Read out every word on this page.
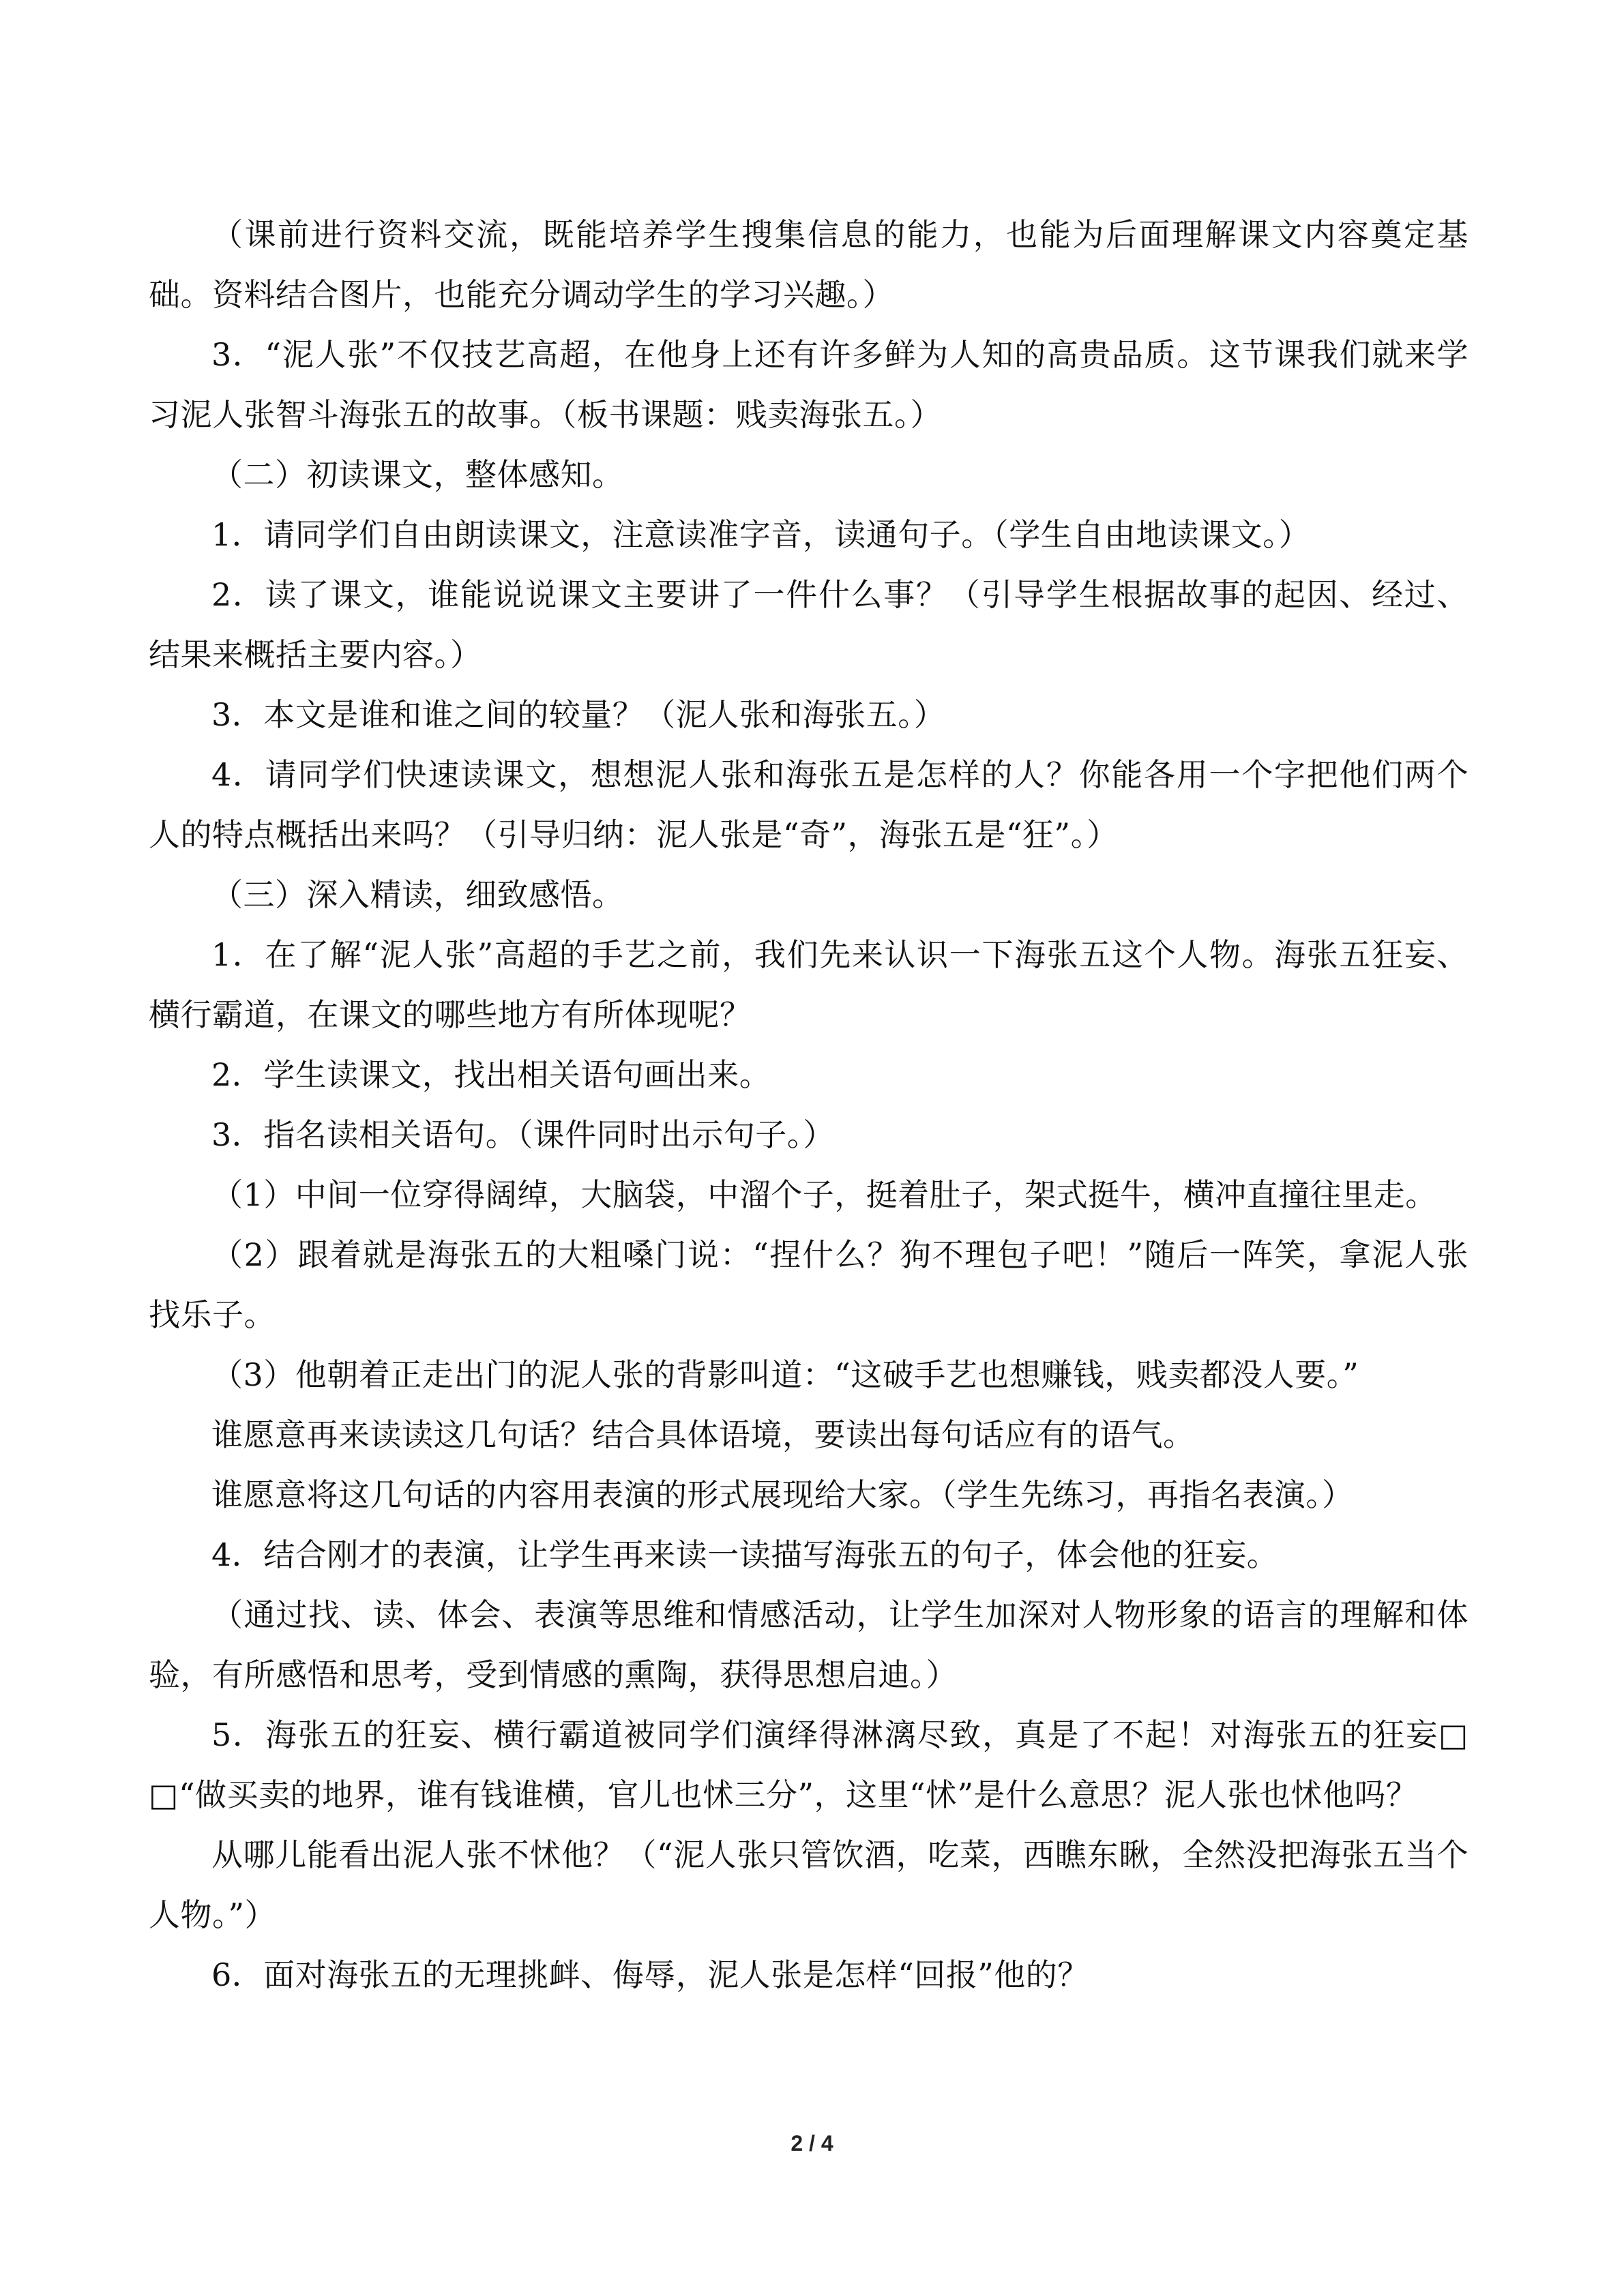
（课前进行资料交流，既能培养学生搜集信息的能力，也能为后面理解课文内容奠定基础。资料结合图片，也能充分调动学生的学习兴趣。）

3．“泥人张”不仅技艺高超，在他身上还有许多鲜为人知的高贵品质。这节课我们就来学习泥人张智斗海张五的故事。（板书课题：贱卖海张五。）

（二）初读课文，整体感知。

1．请同学们自由朗读课文，注意读准字音，读通句子。（学生自由地读课文。）

2．读了课文，谁能说说课文主要讲了一件什么事？（引导学生根据故事的起因、经过、结果来概括主要内容。）

3．本文是谁和谁之间的较量？（泥人张和海张五。）

4．请同学们快速读课文，想想泥人张和海张五是怎样的人？你能各用一个字把他们两个人的特点概括出来吗？（引导归纳：泥人张是“奇”，海张五是“狂”。）

（三）深入精读，细致感悟。

1．在了解“泥人张”高超的手艺之前，我们先来认识一下海张五这个人物。海张五狂妄、横行霸道，在课文的哪些地方有所体现呢？

2．学生读课文，找出相关语句画出来。

3．指名读相关语句。（课件同时出示句子。）

（1）中间一位穿得阔绰，大脑袋，中溜个子，挺着肚子，架式挺牛，横冲直撞往里走。

（2）跟着就是海张五的大粗嗓门说：“捏什么？狗不理包子吧！”随后一阵笑，拿泥人张找乐子。

（3）他朝着正走出门的泥人张的背影叫道：“这破手艺也想赚钱，贱卖都没人要。”

谁愿意再来读读这几句话？结合具体语境，要读出每句话应有的语气。

谁愿意将这几句话的内容用表演的形式展现给大家。（学生先练习，再指名表演。）

4．结合刚才的表演，让学生再来读一读描写海张五的句子，体会他的狂妄。

（通过找、读、体会、表演等思维和情感活动，让学生加深对人物形象的语言的理解和体验，有所感悟和思考，受到情感的熏陶，获得思想启迪。）

5．海张五的狂妄、横行霸道被同学们演绎得淋漓尽致，真是了不起！对海张五的狂妄□□“做买卖的地界，谁有钱谁横，官儿也怵三分”，这里“怵”是什么意思？泥人张也怵他吗？

从哪儿能看出泥人张不怵他？（“泥人张只管饮酒，吃菜，西瞧东瞅，全然没把海张五当个人物。”）

6．面对海张五的无理挑衅、侮辱，泥人张是怎样“回报”他的？

2 / 4
